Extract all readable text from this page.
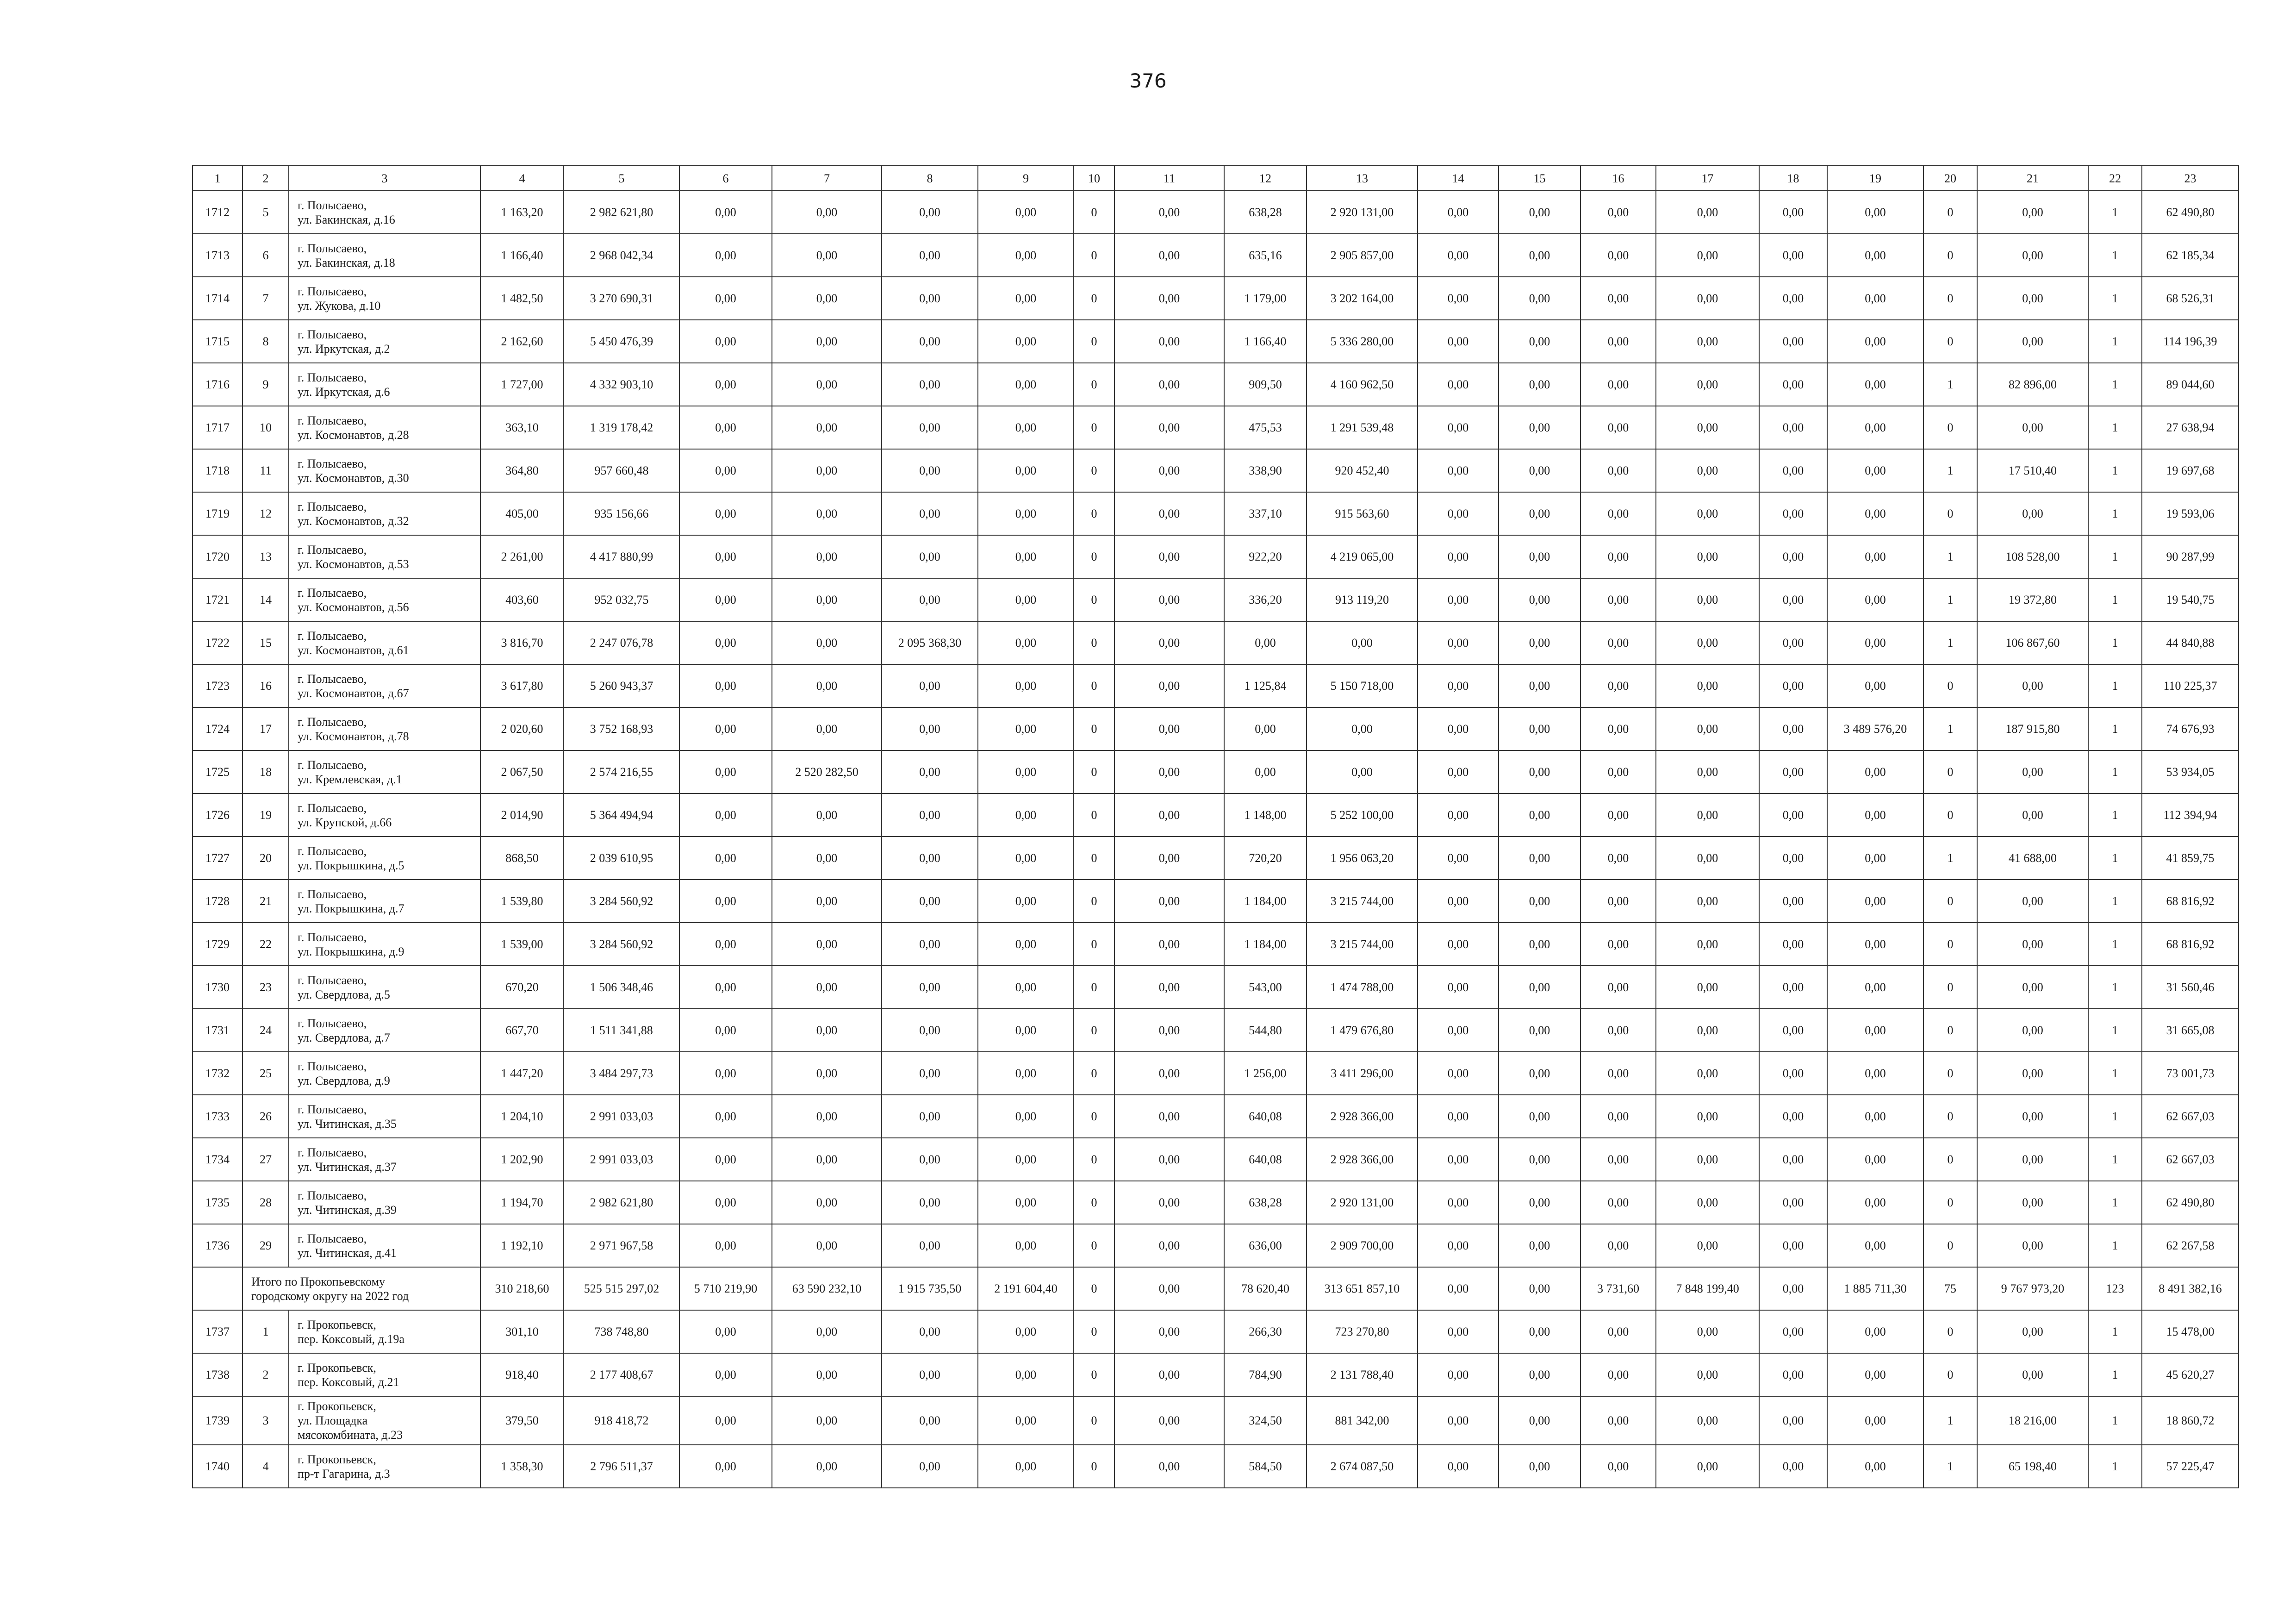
376
1	2	3	4	5	6	7	8	9	10	11	12	13	14	15	16	17	18	19	20	21	22	23
1712	5	г. Полысаево,
ул. Бакинская, д.16	1 163,20	2 982 621,80	0,00	0,00	0,00	0,00	0	0,00	638,28	2 920 131,00	0,00	0,00	0,00	0,00	0,00	0,00	0	0,00	1	62 490,80
1713	6	г. Полысаево,
ул. Бакинская, д.18	1 166,40	2 968 042,34	0,00	0,00	0,00	0,00	0	0,00	635,16	2 905 857,00	0,00	0,00	0,00	0,00	0,00	0,00	0	0,00	1	62 185,34
1714	7	г. Полысаево,
ул. Жукова, д.10	1 482,50	3 270 690,31	0,00	0,00	0,00	0,00	0	0,00	1 179,00	3 202 164,00	0,00	0,00	0,00	0,00	0,00	0,00	0	0,00	1	68 526,31
1715	8	г. Полысаево,
ул. Иркутская, д.2	2 162,60	5 450 476,39	0,00	0,00	0,00	0,00	0	0,00	1 166,40	5 336 280,00	0,00	0,00	0,00	0,00	0,00	0,00	0	0,00	1	114 196,39
1716	9	г. Полысаево,
ул. Иркутская, д.6	1 727,00	4 332 903,10	0,00	0,00	0,00	0,00	0	0,00	909,50	4 160 962,50	0,00	0,00	0,00	0,00	0,00	0,00	1	82 896,00	1	89 044,60
1717	10	г. Полысаево,
ул. Космонавтов, д.28	363,10	1 319 178,42	0,00	0,00	0,00	0,00	0	0,00	475,53	1 291 539,48	0,00	0,00	0,00	0,00	0,00	0,00	0	0,00	1	27 638,94
1718	11	г. Полысаево,
ул. Космонавтов, д.30	364,80	957 660,48	0,00	0,00	0,00	0,00	0	0,00	338,90	920 452,40	0,00	0,00	0,00	0,00	0,00	0,00	1	17 510,40	1	19 697,68
1719	12	г. Полысаево,
ул. Космонавтов, д.32	405,00	935 156,66	0,00	0,00	0,00	0,00	0	0,00	337,10	915 563,60	0,00	0,00	0,00	0,00	0,00	0,00	0	0,00	1	19 593,06
1720	13	г. Полысаево,
ул. Космонавтов, д.53	2 261,00	4 417 880,99	0,00	0,00	0,00	0,00	0	0,00	922,20	4 219 065,00	0,00	0,00	0,00	0,00	0,00	0,00	1	108 528,00	1	90 287,99
1721	14	г. Полысаево,
ул. Космонавтов, д.56	403,60	952 032,75	0,00	0,00	0,00	0,00	0	0,00	336,20	913 119,20	0,00	0,00	0,00	0,00	0,00	0,00	1	19 372,80	1	19 540,75
1722	15	г. Полысаево,
ул. Космонавтов, д.61	3 816,70	2 247 076,78	0,00	0,00	2 095 368,30	0,00	0	0,00	0,00	0,00	0,00	0,00	0,00	0,00	0,00	0,00	1	106 867,60	1	44 840,88
1723	16	г. Полысаево,
ул. Космонавтов, д.67	3 617,80	5 260 943,37	0,00	0,00	0,00	0,00	0	0,00	1 125,84	5 150 718,00	0,00	0,00	0,00	0,00	0,00	0,00	0	0,00	1	110 225,37
1724	17	г. Полысаево,
ул. Космонавтов, д.78	2 020,60	3 752 168,93	0,00	0,00	0,00	0,00	0	0,00	0,00	0,00	0,00	0,00	0,00	0,00	0,00	3 489 576,20	1	187 915,80	1	74 676,93
1725	18	г. Полысаево,
ул. Кремлевская, д.1	2 067,50	2 574 216,55	0,00	2 520 282,50	0,00	0,00	0	0,00	0,00	0,00	0,00	0,00	0,00	0,00	0,00	0,00	0	0,00	1	53 934,05
1726	19	г. Полысаево,
ул. Крупской, д.66	2 014,90	5 364 494,94	0,00	0,00	0,00	0,00	0	0,00	1 148,00	5 252 100,00	0,00	0,00	0,00	0,00	0,00	0,00	0	0,00	1	112 394,94
1727	20	г. Полысаево,
ул. Покрышкина, д.5	868,50	2 039 610,95	0,00	0,00	0,00	0,00	0	0,00	720,20	1 956 063,20	0,00	0,00	0,00	0,00	0,00	0,00	1	41 688,00	1	41 859,75
1728	21	г. Полысаево,
ул. Покрышкина, д.7	1 539,80	3 284 560,92	0,00	0,00	0,00	0,00	0	0,00	1 184,00	3 215 744,00	0,00	0,00	0,00	0,00	0,00	0,00	0	0,00	1	68 816,92
1729	22	г. Полысаево,
ул. Покрышкина, д.9	1 539,00	3 284 560,92	0,00	0,00	0,00	0,00	0	0,00	1 184,00	3 215 744,00	0,00	0,00	0,00	0,00	0,00	0,00	0	0,00	1	68 816,92
1730	23	г. Полысаево,
ул. Свердлова, д.5	670,20	1 506 348,46	0,00	0,00	0,00	0,00	0	0,00	543,00	1 474 788,00	0,00	0,00	0,00	0,00	0,00	0,00	0	0,00	1	31 560,46
1731	24	г. Полысаево,
ул. Свердлова, д.7	667,70	1 511 341,88	0,00	0,00	0,00	0,00	0	0,00	544,80	1 479 676,80	0,00	0,00	0,00	0,00	0,00	0,00	0	0,00	1	31 665,08
1732	25	г. Полысаево,
ул. Свердлова, д.9	1 447,20	3 484 297,73	0,00	0,00	0,00	0,00	0	0,00	1 256,00	3 411 296,00	0,00	0,00	0,00	0,00	0,00	0,00	0	0,00	1	73 001,73
1733	26	г. Полысаево,
ул. Читинская, д.35	1 204,10	2 991 033,03	0,00	0,00	0,00	0,00	0	0,00	640,08	2 928 366,00	0,00	0,00	0,00	0,00	0,00	0,00	0	0,00	1	62 667,03
1734	27	г. Полысаево,
ул. Читинская, д.37	1 202,90	2 991 033,03	0,00	0,00	0,00	0,00	0	0,00	640,08	2 928 366,00	0,00	0,00	0,00	0,00	0,00	0,00	0	0,00	1	62 667,03
1735	28	г. Полысаево,
ул. Читинская, д.39	1 194,70	2 982 621,80	0,00	0,00	0,00	0,00	0	0,00	638,28	2 920 131,00	0,00	0,00	0,00	0,00	0,00	0,00	0	0,00	1	62 490,80
1736	29	г. Полысаево,
ул. Читинская, д.41	1 192,10	2 971 967,58	0,00	0,00	0,00	0,00	0	0,00	636,00	2 909 700,00	0,00	0,00	0,00	0,00	0,00	0,00	0	0,00	1	62 267,58

	Итого по Прокопьевскому
городскому округу на 2022 год		310 218,60	525 515 297,02	5 710 219,90	63 590 232,10	1 915 735,50	2 191 604,40	0	0,00	78 620,40	313 651 857,10	0,00	0,00	3 731,60	7 848 199,40	0,00	1 885 711,30	75	9 767 973,20	123	8 491 382,16
1737	1	г. Прокопьевск,
пер. Коксовый, д.19а	301,10	738 748,80	0,00	0,00	0,00	0,00	0	0,00	266,30	723 270,80	0,00	0,00	0,00	0,00	0,00	0,00	0	0,00	1	15 478,00
1738	2	г. Прокопьевск,
пер. Коксовый, д.21	918,40	2 177 408,67	0,00	0,00	0,00	0,00	0	0,00	784,90	2 131 788,40	0,00	0,00	0,00	0,00	0,00	0,00	0	0,00	1	45 620,27
1739	3	г. Прокопьевск,
ул. Площадка
мясокомбината, д.23	379,50	918 418,72	0,00	0,00	0,00	0,00	0	0,00	324,50	881 342,00	0,00	0,00	0,00	0,00	0,00	0,00	1	18 216,00	1	18 860,72
1740	4	г. Прокопьевск,
пр-т Гагарина, д.3	1 358,30	2 796 511,37	0,00	0,00	0,00	0,00	0	0,00	584,50	2 674 087,50	0,00	0,00	0,00	0,00	0,00	0,00	1	65 198,40	1	57 225,47
